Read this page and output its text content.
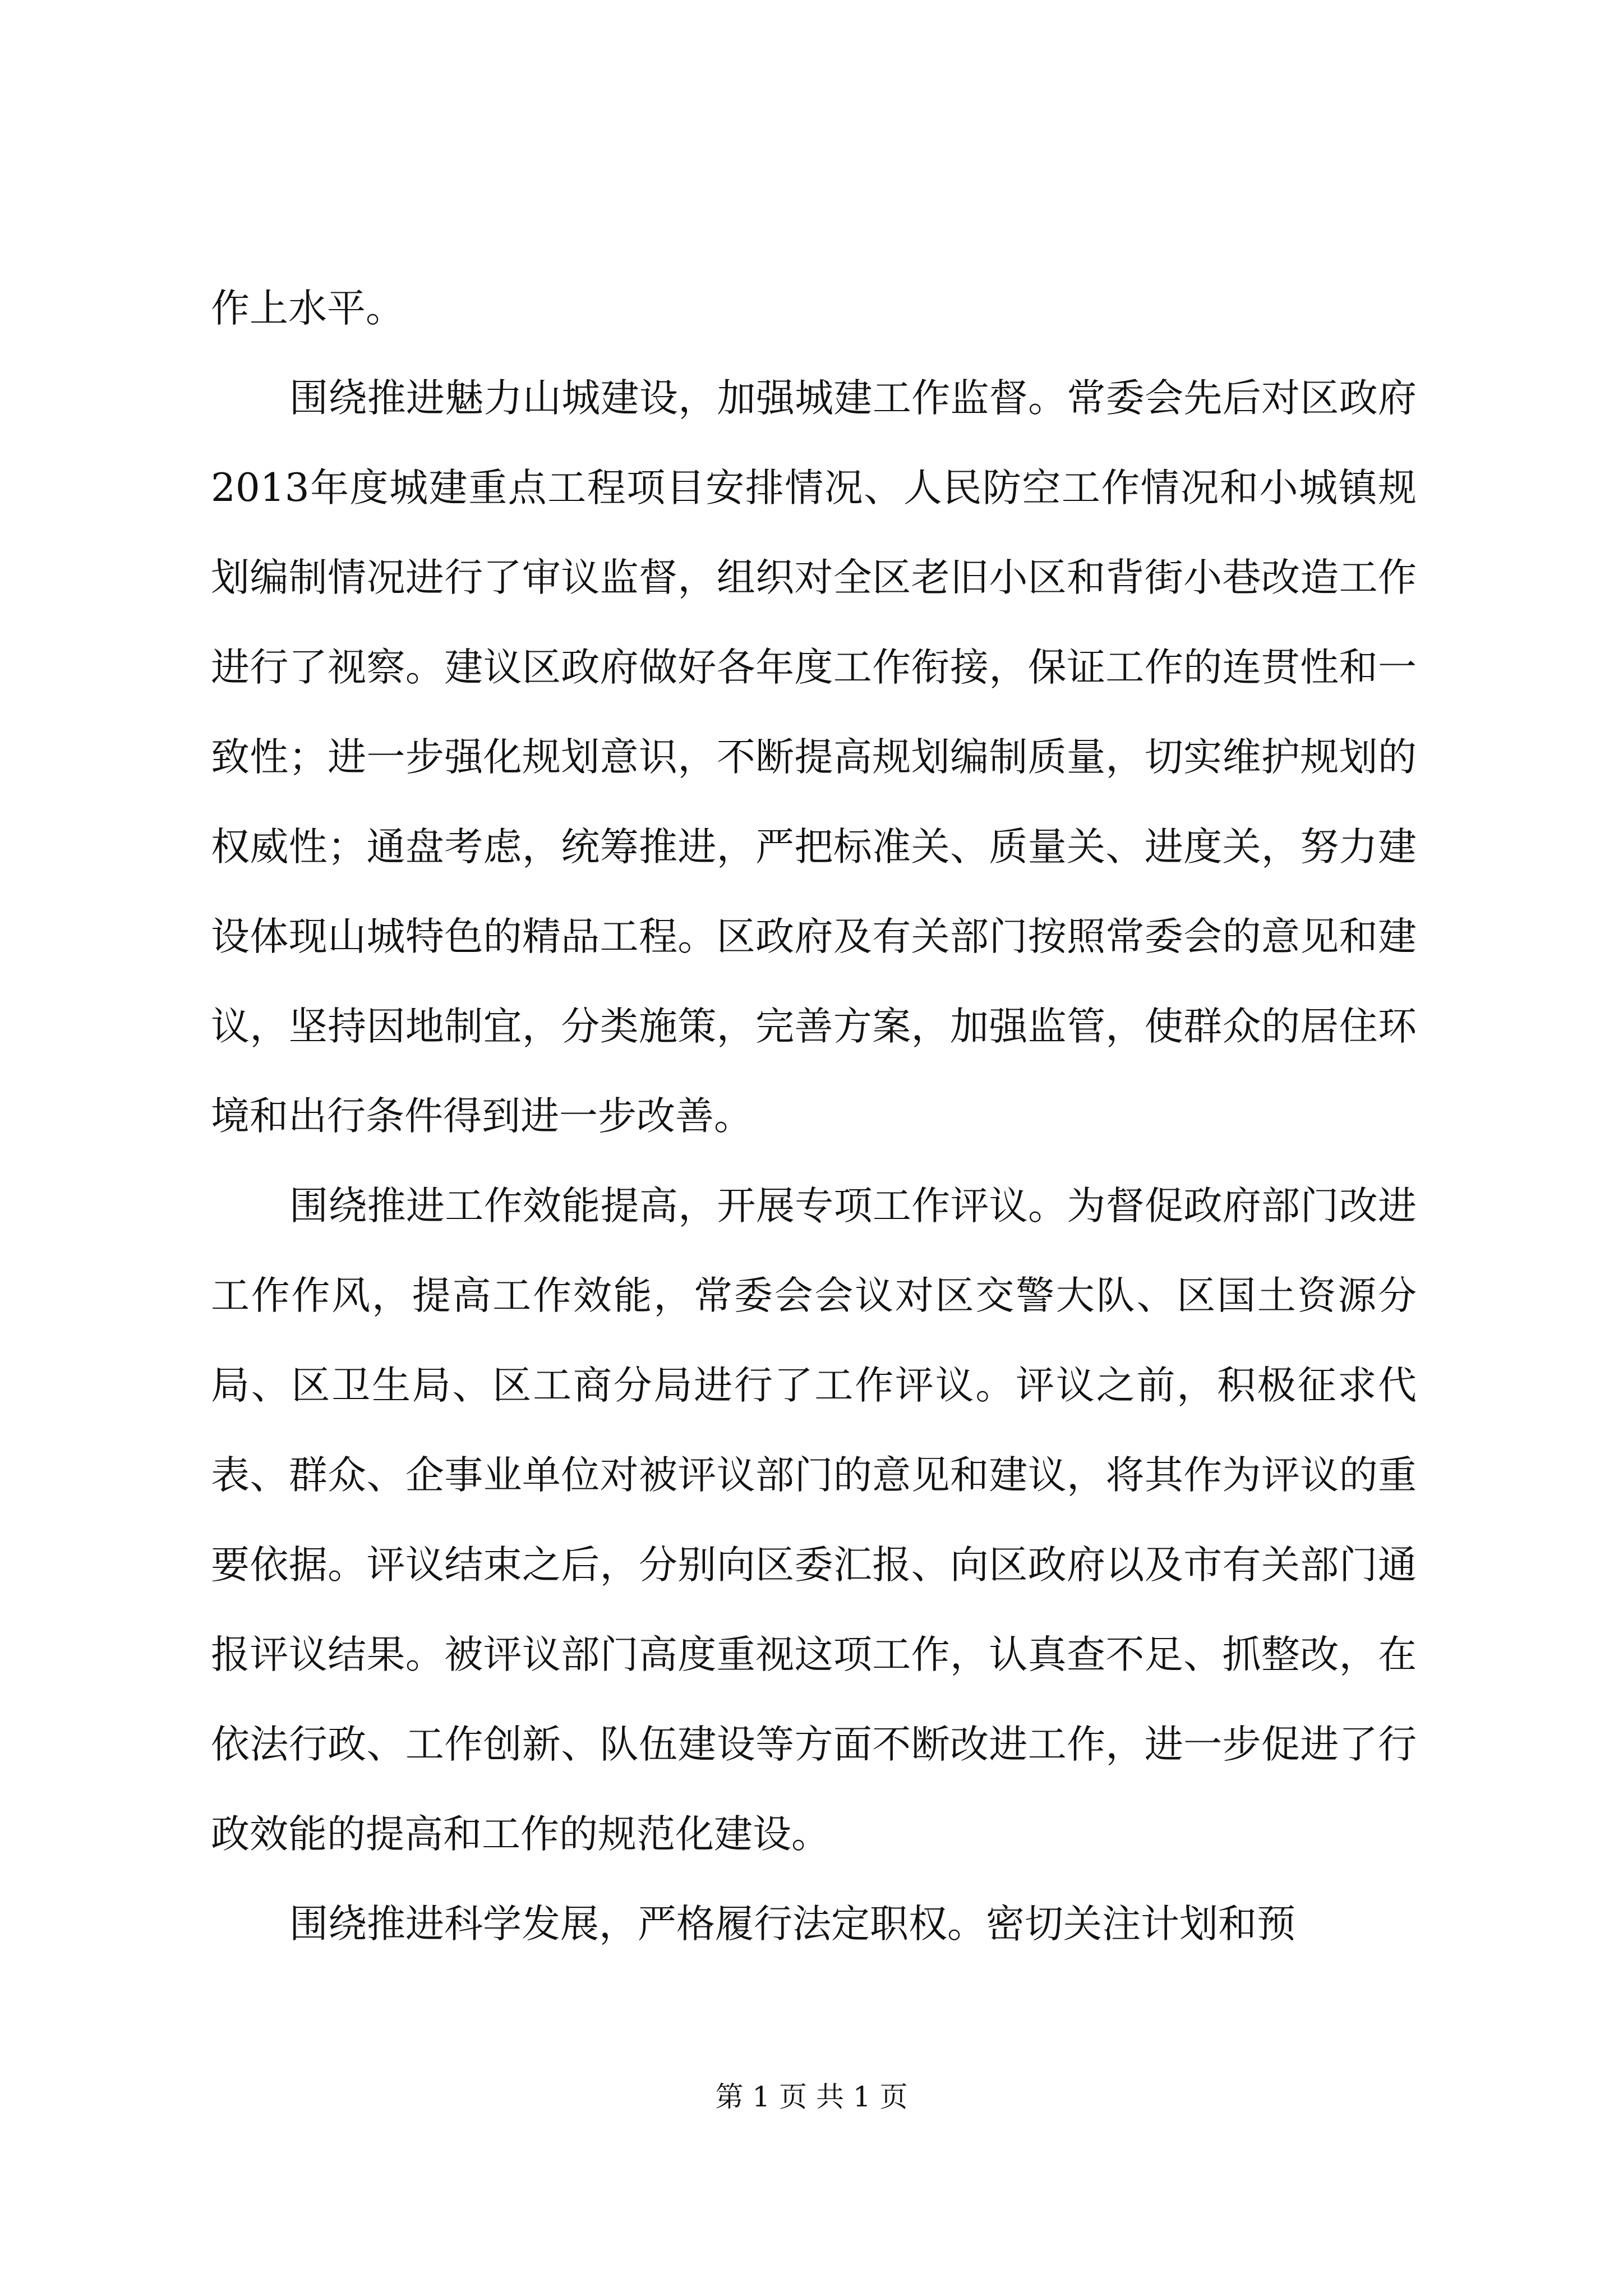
作上水平。

围绕推进魅力山城建设，加强城建工作监督。常委会先后对区政府2013年度城建重点工程项目安排情况、人民防空工作情况和小城镇规划编制情况进行了审议监督，组织对全区老旧小区和背街小巷改造工作进行了视察。建议区政府做好各年度工作衔接，保证工作的连贯性和一致性；进一步强化规划意识，不断提高规划编制质量，切实维护规划的权威性；通盘考虑，统筹推进，严把标准关、质量关、进度关，努力建设体现山城特色的精品工程。区政府及有关部门按照常委会的意见和建议，坚持因地制宜，分类施策，完善方案，加强监管，使群众的居住环境和出行条件得到进一步改善。

围绕推进工作效能提高，开展专项工作评议。为督促政府部门改进工作作风，提高工作效能，常委会会议对区交警大队、区国土资源分局、区卫生局、区工商分局进行了工作评议。评议之前，积极征求代表、群众、企事业单位对被评议部门的意见和建议，将其作为评议的重要依据。评议结束之后，分别向区委汇报、向区政府以及市有关部门通报评议结果。被评议部门高度重视这项工作，认真查不足、抓整改，在依法行政、工作创新、队伍建设等方面不断改进工作，进一步促进了行政效能的提高和工作的规范化建设。

围绕推进科学发展，严格履行法定职权。密切关注计划和预

第 1 页 共 1 页
